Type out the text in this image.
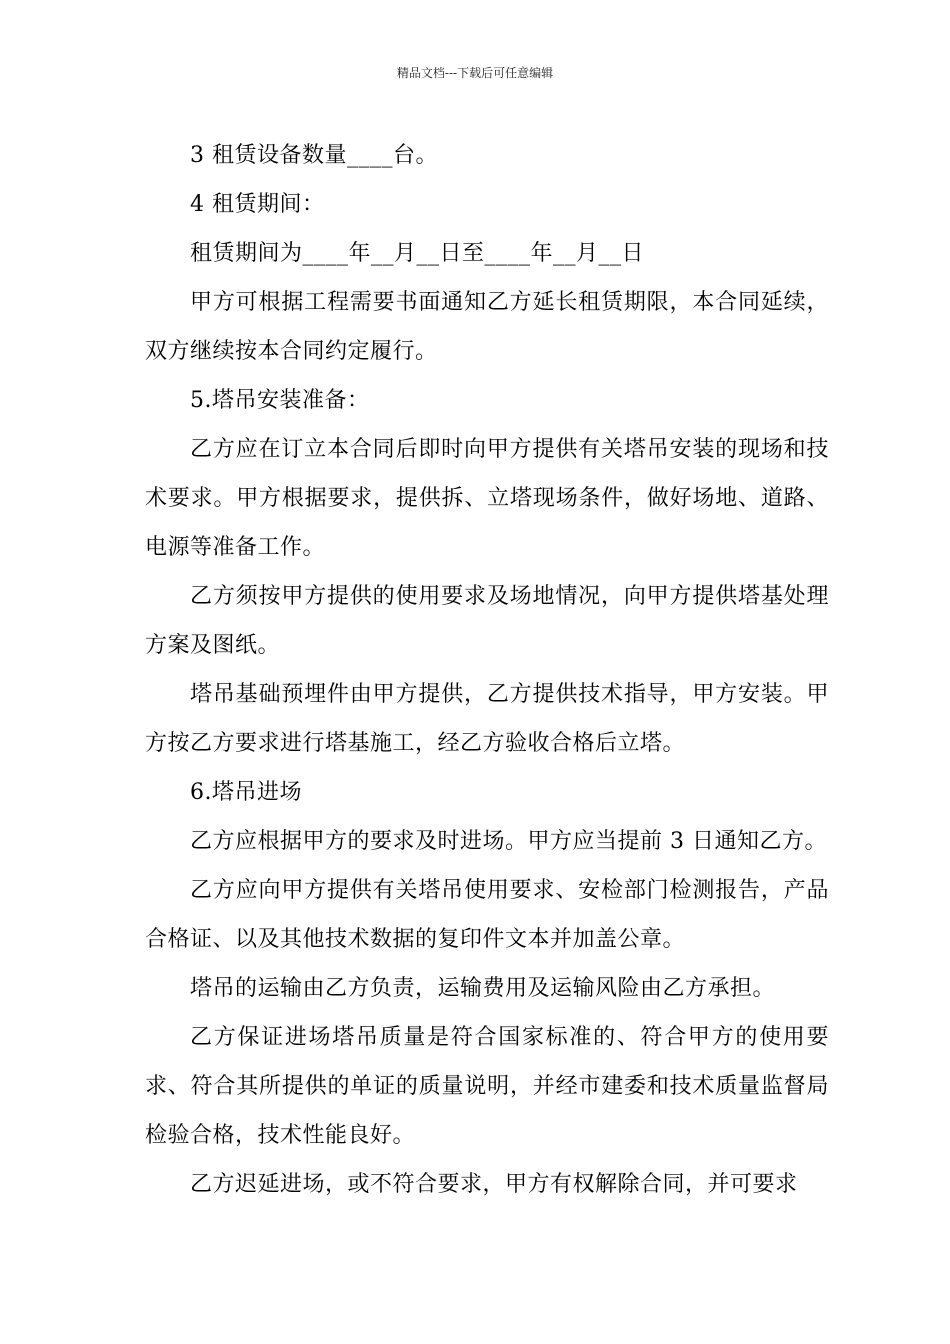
精品文档---下载后可任意编辑

3 租赁设备数量____台。

4 租赁期间：

租赁期间为____年__月__日至____年__月__日

甲方可根据工程需要书面通知乙方延长租赁期限，本合同延续，双方继续按本合同约定履行。

5.塔吊安装准备：

乙方应在订立本合同后即时向甲方提供有关塔吊安装的现场和技术要求。甲方根据要求，提供拆、立塔现场条件，做好场地、道路、电源等准备工作。

乙方须按甲方提供的使用要求及场地情况，向甲方提供塔基处理方案及图纸。

塔吊基础预埋件由甲方提供，乙方提供技术指导，甲方安装。甲方按乙方要求进行塔基施工，经乙方验收合格后立塔。

6.塔吊进场

乙方应根据甲方的要求及时进场。甲方应当提前 3 日通知乙方。

乙方应向甲方提供有关塔吊使用要求、安检部门检测报告，产品合格证、以及其他技术数据的复印件文本并加盖公章。

塔吊的运输由乙方负责，运输费用及运输风险由乙方承担。

乙方保证进场塔吊质量是符合国家标准的、符合甲方的使用要求、符合其所提供的单证的质量说明，并经市建委和技术质量监督局检验合格，技术性能良好。

乙方迟延进场，或不符合要求，甲方有权解除合同，并可要求
